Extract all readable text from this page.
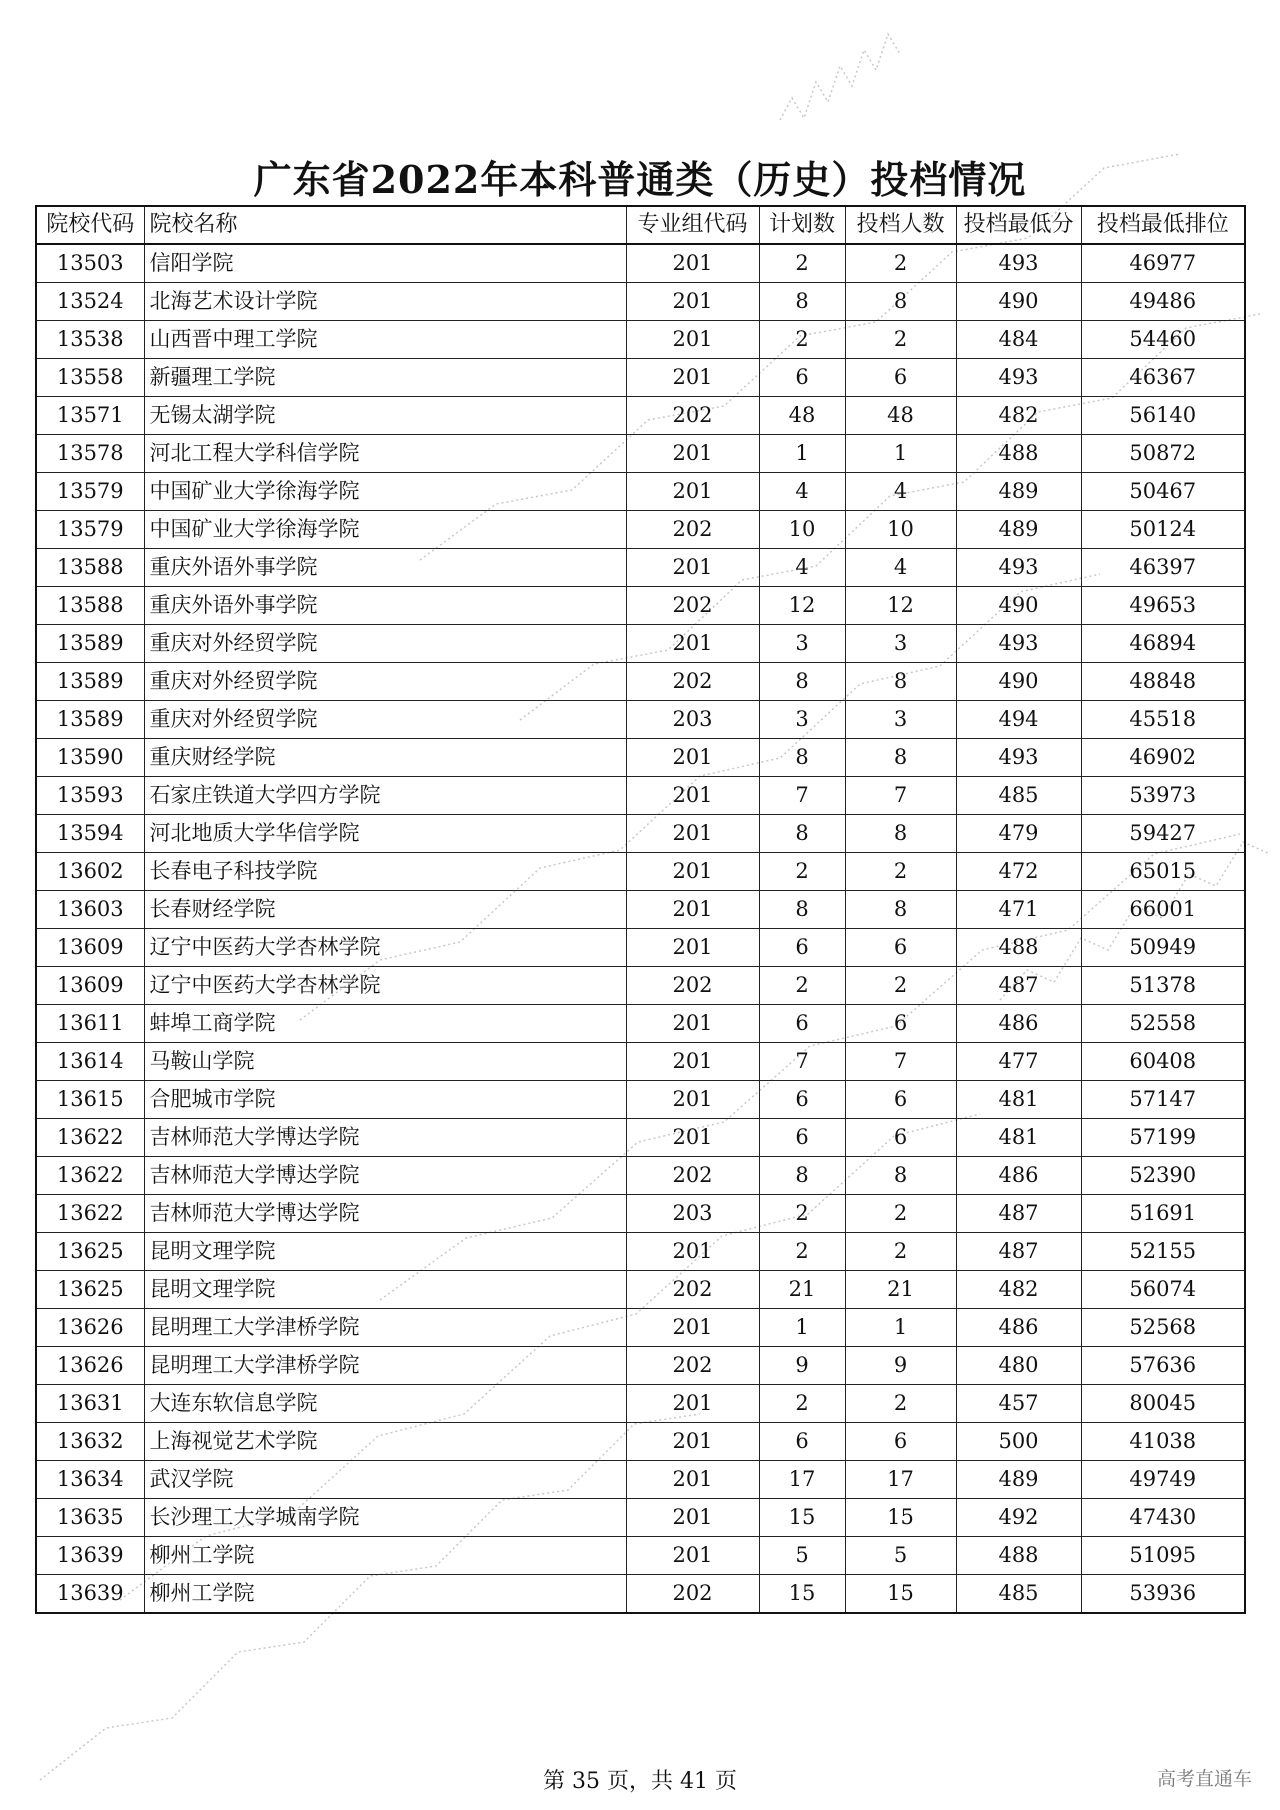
广东省2022年本科普通类（历史）投档情况
院校代码	院校名称	专业组代码	计划数	投档人数	投档最低分	投档最低排位
13503	信阳学院	201	2	2	493	46977
13524	北海艺术设计学院	201	8	8	490	49486
13538	山西晋中理工学院	201	2	2	484	54460
13558	新疆理工学院	201	6	6	493	46367
13571	无锡太湖学院	202	48	48	482	56140
13578	河北工程大学科信学院	201	1	1	488	50872
13579	中国矿业大学徐海学院	201	4	4	489	50467
13579	中国矿业大学徐海学院	202	10	10	489	50124
13588	重庆外语外事学院	201	4	4	493	46397
13588	重庆外语外事学院	202	12	12	490	49653
13589	重庆对外经贸学院	201	3	3	493	46894
13589	重庆对外经贸学院	202	8	8	490	48848
13589	重庆对外经贸学院	203	3	3	494	45518
13590	重庆财经学院	201	8	8	493	46902
13593	石家庄铁道大学四方学院	201	7	7	485	53973
13594	河北地质大学华信学院	201	8	8	479	59427
13602	长春电子科技学院	201	2	2	472	65015
13603	长春财经学院	201	8	8	471	66001
13609	辽宁中医药大学杏林学院	201	6	6	488	50949
13609	辽宁中医药大学杏林学院	202	2	2	487	51378
13611	蚌埠工商学院	201	6	6	486	52558
13614	马鞍山学院	201	7	7	477	60408
13615	合肥城市学院	201	6	6	481	57147
13622	吉林师范大学博达学院	201	6	6	481	57199
13622	吉林师范大学博达学院	202	8	8	486	52390
13622	吉林师范大学博达学院	203	2	2	487	51691
13625	昆明文理学院	201	2	2	487	52155
13625	昆明文理学院	202	21	21	482	56074
13626	昆明理工大学津桥学院	201	1	1	486	52568
13626	昆明理工大学津桥学院	202	9	9	480	57636
13631	大连东软信息学院	201	2	2	457	80045
13632	上海视觉艺术学院	201	6	6	500	41038
13634	武汉学院	201	17	17	489	49749
13635	长沙理工大学城南学院	201	15	15	492	47430
13639	柳州工学院	201	5	5	488	51095
13639	柳州工学院	202	15	15	485	53936
第 35 页，共 41 页	高考直通车
